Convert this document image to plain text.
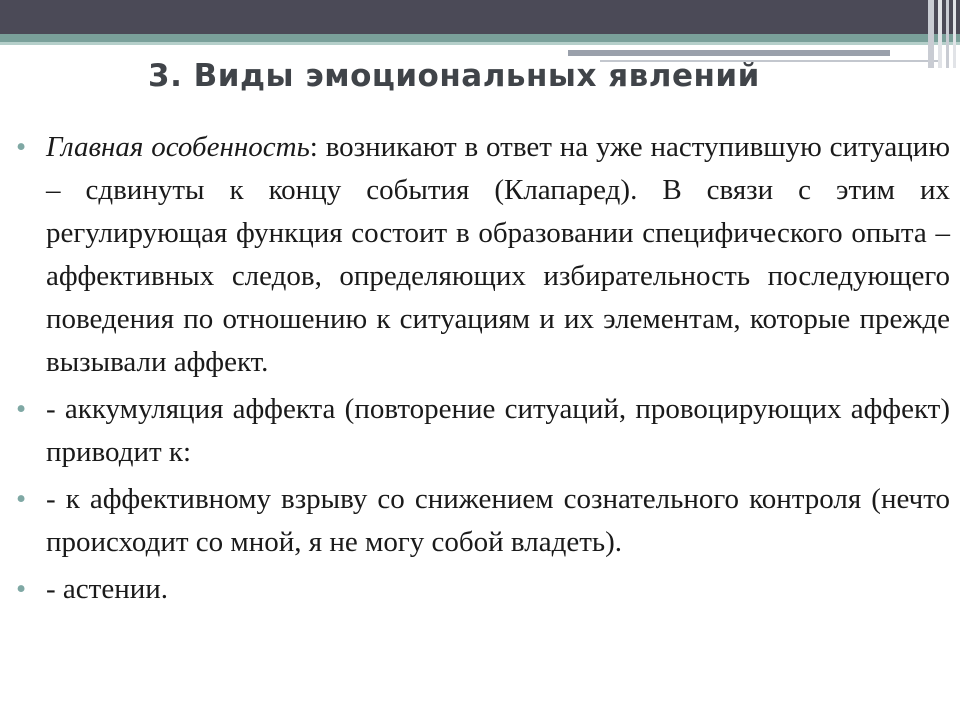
3. Виды эмоциональных явлений
• Главная особенность: возникают в ответ на уже наступившую ситуацию – сдвинуты к концу события (Клапаред). В связи с этим их регулирующая функция состоит в образовании специфического опыта – аффективных следов, определяющих избирательность последующего поведения по отношению к ситуациям и их элементам, которые прежде вызывали аффект.
• - аккумуляция аффекта (повторение ситуаций, провоцирующих аффект) приводит к:
• - к аффективному взрыву со снижением сознательного контроля (нечто происходит со мной, я не могу собой владеть).
• - астении.
